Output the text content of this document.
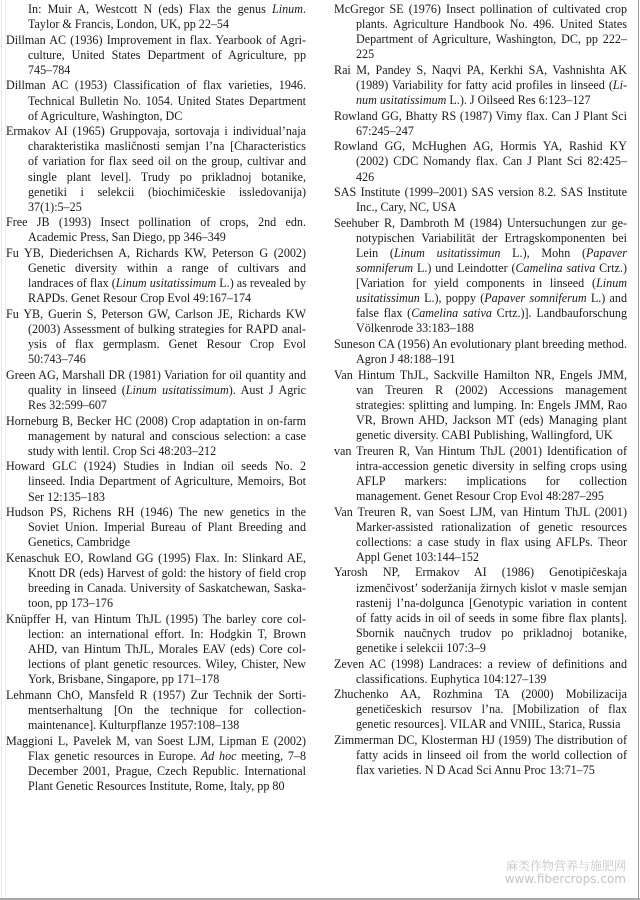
In: Muir A, Westcott N (eds) Flax the genus Linum. Taylor & Francis, London, UK, pp 22–54

Dillman AC (1936) Improvement in flax. Yearbook of Agriculture, United States Department of Agriculture, pp 745–784

Dillman AC (1953) Classification of flax varieties, 1946. Technical Bulletin No. 1054. United States Department of Agriculture, Washington, DC

Ermakov AI (1965) Gruppovaja, sortovaja i individual’naja charakteristika masličnosti semjan l’na [Characteristics of variation for flax seed oil on the group, cultivar and single plant level]. Trudy po prikladnoj botanike, genetiki i selekcii (biochimičeskie issledovanija) 37(1):5–25

Free JB (1993) Insect pollination of crops, 2nd edn. Academic Press, San Diego, pp 346–349

Fu YB, Diederichsen A, Richards KW, Peterson G (2002) Genetic diversity within a range of cultivars and landraces of flax (Linum usitatissimum L.) as revealed by RAPDs. Genet Resour Crop Evol 49:167–174

Fu YB, Guerin S, Peterson GW, Carlson JE, Richards KW (2003) Assessment of bulking strategies for RAPD analysis of flax germplasm. Genet Resour Crop Evol 50:743–746

Green AG, Marshall DR (1981) Variation for oil quantity and quality in linseed (Linum usitatissimum). Aust J Agric Res 32:599–607

Horneburg B, Becker HC (2008) Crop adaptation in on-farm management by natural and conscious selection: a case study with lentil. Crop Sci 48:203–212

Howard GLC (1924) Studies in Indian oil seeds No. 2 linseed. India Department of Agriculture, Memoirs, Bot Ser 12:135–183

Hudson PS, Richens RH (1946) The new genetics in the Soviet Union. Imperial Bureau of Plant Breeding and Genetics, Cambridge

Kenaschuk EO, Rowland GG (1995) Flax. In: Slinkard AE, Knott DR (eds) Harvest of gold: the history of field crop breeding in Canada. University of Saskatchewan, Saskatoon, pp 173–176

Knüpffer H, van Hintum ThJL (1995) The barley core collection: an international effort. In: Hodgkin T, Brown AHD, van Hintum ThJL, Morales EAV (eds) Core collections of plant genetic resources. Wiley, Chister, New York, Brisbane, Singapore, pp 171–178

Lehmann ChO, Mansfeld R (1957) Zur Technik der Sortimentserhaltung [On the technique for collection-maintenance]. Kulturpflanze 1957:108–138

Maggioni L, Pavelek M, van Soest LJM, Lipman E (2002) Flax genetic resources in Europe. Ad hoc meeting, 7–8 December 2001, Prague, Czech Republic. International Plant Genetic Resources Institute, Rome, Italy, pp 80

McGregor SE (1976) Insect pollination of cultivated crop plants. Agriculture Handbook No. 496. United States Department of Agriculture, Washington, DC, pp 222–225

Rai M, Pandey S, Naqvi PA, Kerkhi SA, Vashnishta AK (1989) Variability for fatty acid profiles in linseed (Linum usitatissimum L.). J Oilseed Res 6:123–127

Rowland GG, Bhatty RS (1987) Vimy flax. Can J Plant Sci 67:245–247

Rowland GG, McHughen AG, Hormis YA, Rashid KY (2002) CDC Nomandy flax. Can J Plant Sci 82:425–426

SAS Institute (1999–2001) SAS version 8.2. SAS Institute Inc., Cary, NC, USA

Seehuber R, Dambroth M (1984) Untersuchungen zur genotypischen Variabilität der Ertragskomponenten bei Lein (Linum usitatissimun L.), Mohn (Papaver somniferum L.) und Leindotter (Camelina sativa Crtz.) [Variation for yield components in linseed (Linum usitatissimun L.), poppy (Papaver somniferum L.) and false flax (Camelina sativa Crtz.)]. Landbauforschung Völkenrode 33:183–188

Suneson CA (1956) An evolutionary plant breeding method. Agron J 48:188–191

Van Hintum ThJL, Sackville Hamilton NR, Engels JMM, van Treuren R (2002) Accessions management strategies: splitting and lumping. In: Engels JMM, Rao VR, Brown AHD, Jackson MT (eds) Managing plant genetic diversity. CABI Publishing, Wallingford, UK

van Treuren R, Van Hintum ThJL (2001) Identification of intra-accession genetic diversity in selfing crops using AFLP markers: implications for collection management. Genet Resour Crop Evol 48:287–295

Van Treuren R, van Soest LJM, van Hintum ThJL (2001) Marker-assisted rationalization of genetic resources collections: a case study in flax using AFLPs. Theor Appl Genet 103:144–152

Yarosh NP, Ermakov AI (1986) Genotipičeskaja izmenčivost’ soderžanija žirnych kislot v masle semjan rastenij l’na-dolgunca [Genotypic variation in content of fatty acids in oil of seeds in some fibre flax plants]. Sbornik naučnych trudov po prikladnoj botanike, genetike i selekcii 107:3–9

Zeven AC (1998) Landraces: a review of definitions and classifications. Euphytica 104:127–139

Zhuchenko AA, Rozhmina TA (2000) Mobilizacija genetičeskich resursov l’na. [Mobilization of flax genetic resources]. VILAR and VNIIL, Starica, Russia

Zimmerman DC, Klosterman HJ (1959) The distribution of fatty acids in linseed oil from the world collection of flax varieties. N D Acad Sci Annu Proc 13:71–75

麻类作物营养与施肥网
www.fibercrops.com
